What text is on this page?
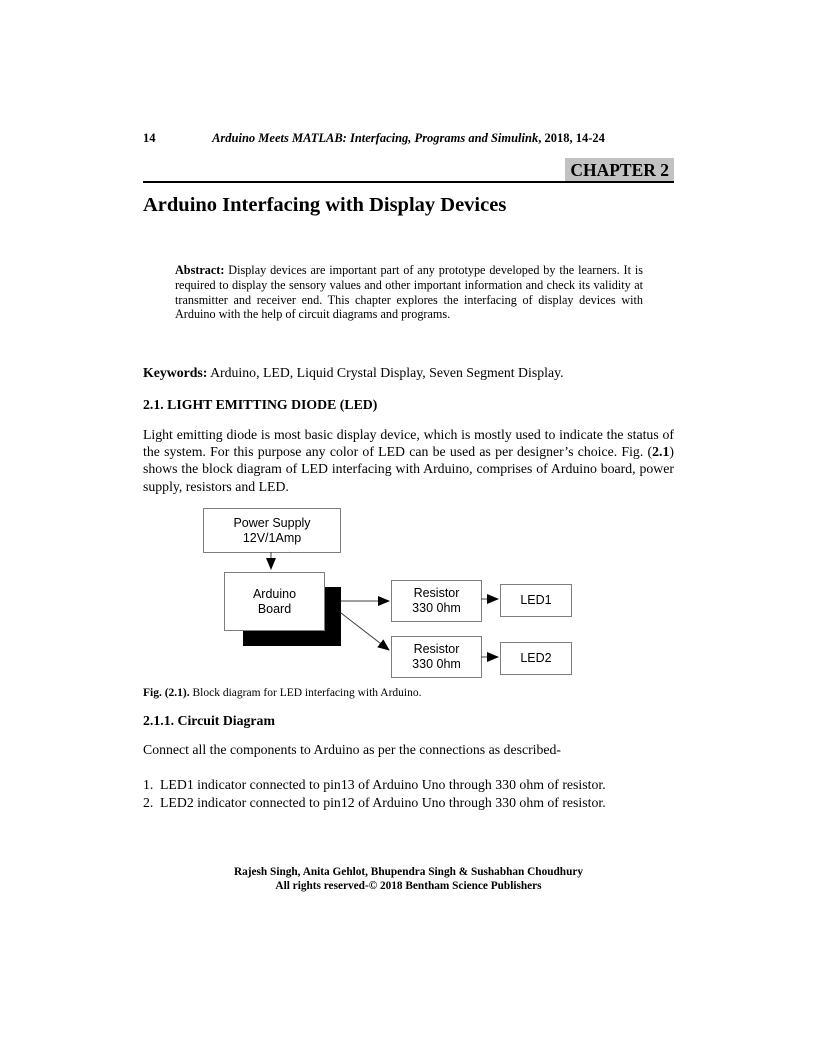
14	Arduino Meets MATLAB: Interfacing, Programs and Simulink, 2018, 14-24
CHAPTER 2
Arduino Interfacing with Display Devices
Abstract: Display devices are important part of any prototype developed by the learners. It is required to display the sensory values and other important information and check its validity at transmitter and receiver end. This chapter explores the interfacing of display devices with Arduino with the help of circuit diagrams and programs.
Keywords: Arduino, LED, Liquid Crystal Display, Seven Segment Display.
2.1. LIGHT EMITTING DIODE (LED)
Light emitting diode is most basic display device, which is mostly used to indicate the status of the system. For this purpose any color of LED can be used as per designer’s choice. Fig. (2.1) shows the block diagram of LED interfacing with Arduino, comprises of Arduino board, power supply, resistors and LED.
Power Supply
12V/1Amp
Arduino
Board
Resistor
330 0hm
Resistor
330 0hm
LED1
LED2
Fig. (2.1). Block diagram for LED interfacing with Arduino.
2.1.1. Circuit Diagram
Connect all the components to Arduino as per the connections as described-
1. LED1 indicator connected to pin13 of Arduino Uno through 330 ohm of resistor.
2. LED2 indicator connected to pin12 of Arduino Uno through 330 ohm of resistor.
Rajesh Singh, Anita Gehlot, Bhupendra Singh & Sushabhan Choudhury
All rights reserved-© 2018 Bentham Science Publishers
